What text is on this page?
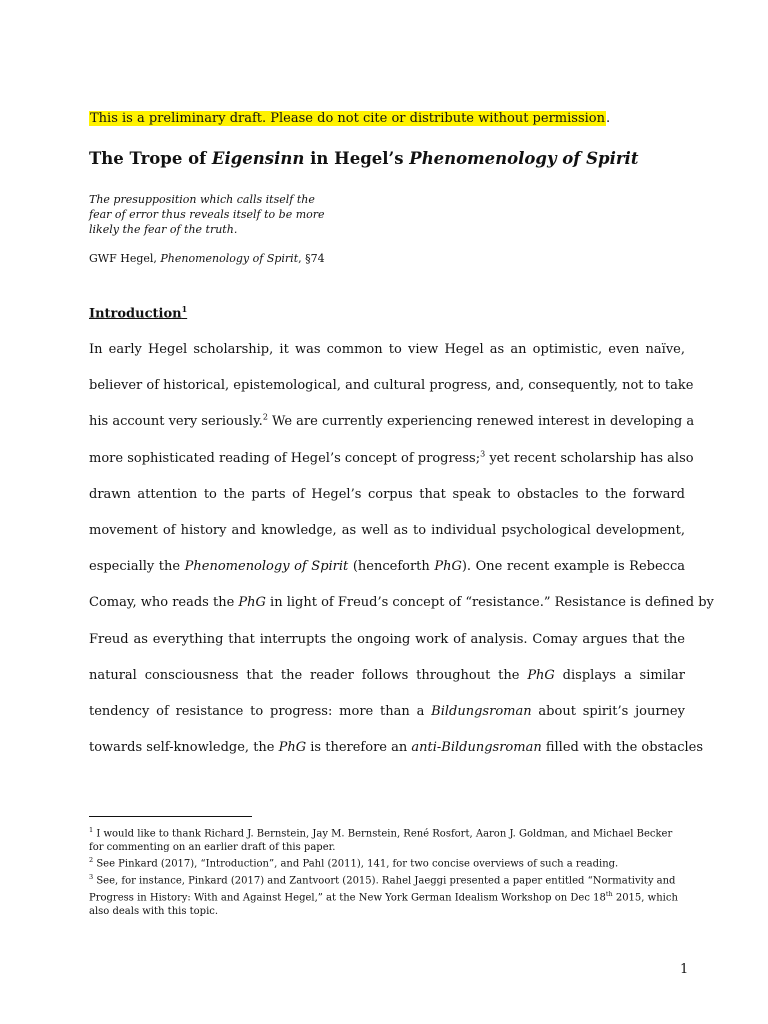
This is a preliminary draft. Please do not cite or distribute without permission.
The Trope of Eigensinn in Hegel’s Phenomenology of Spirit
The presupposition which calls itself the
fear of error thus reveals itself to be more
likely the fear of the truth.
GWF Hegel, Phenomenology of Spirit, §74
Introduction$^1$
In early Hegel scholarship, it was common to view Hegel as an optimistic, even naïve,
believer of historical, epistemological, and cultural progress, and, consequently, not to take
his account very seriously.$^2$ We are currently experiencing renewed interest in developing a
more sophisticated reading of Hegel’s concept of progress;$^3$ yet recent scholarship has also
drawn attention to the parts of Hegel’s corpus that speak to obstacles to the forward
movement of history and knowledge, as well as to individual psychological development,
especially the Phenomenology of Spirit (henceforth PhG). One recent example is Rebecca
Comay, who reads the PhG in light of Freud’s concept of “resistance.” Resistance is defined by
Freud as everything that interrupts the ongoing work of analysis. Comay argues that the
natural consciousness that the reader follows throughout the PhG displays a similar
tendency of resistance to progress: more than a Bildungsroman about spirit’s journey
towards self-knowledge, the PhG is therefore an anti-Bildungsroman filled with the obstacles

$^1$ I would like to thank Richard J. Bernstein, Jay M. Bernstein, René Rosfort, Aaron J. Goldman, and Michael Becker for commenting on an earlier draft of this paper.

$^2$ See Pinkard (2017), “Introduction”, and Pahl (2011), 141, for two concise overviews of such a reading.

$^3$ See, for instance, Pinkard (2017) and Zantvoort (2015). Rahel Jaeggi presented a paper entitled “Normativity and Progress in History: With and Against Hegel,” at the New York German Idealism Workshop on Dec 18th 2015, which also deals with this topic.

1
